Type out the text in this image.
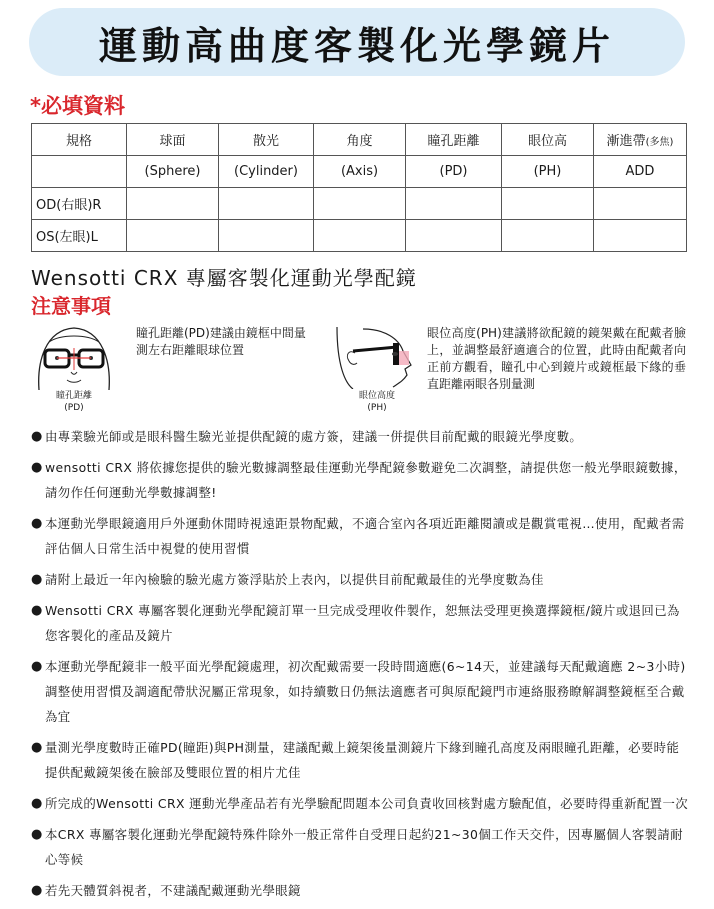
運動高曲度客製化光學鏡片
*必填資料
規格	球面	散光	角度	瞳孔距離	眼位高	漸進帶(多焦)
	(Sphere)	(Cylinder)	(Axis)	(PD)	(PH)	ADD
OD(右眼)R						
OS(左眼)L						
Wensotti CRX 專屬客製化運動光學配鏡
注意事項
瞳孔距離
(PD)
瞳孔距離(PD)建議由鏡框中間量測左右距離眼球位置
眼位高度
(PH)
眼位高度(PH)建議將欲配鏡的鏡架戴在配戴者臉上，並調整最舒適適合的位置，此時由配戴者向正前方觀看，瞳孔中心到鏡片或鏡框最下緣的垂直距離兩眼各別量測
● 由專業驗光師或是眼科醫生驗光並提供配鏡的處方簽，建議一併提供目前配戴的眼鏡光學度數。
● wensotti CRX 將依據您提供的驗光數據調整最佳運動光學配鏡參數避免二次調整，請提供您一般光學眼鏡數據，請勿作任何運動光學數據調整!
● 本運動光學眼鏡適用戶外運動休閒時視遠距景物配戴，不適合室內各項近距離閱讀或是觀賞電視…使用，配戴者需評估個人日常生活中視覺的使用習慣
● 請附上最近一年內檢驗的驗光處方簽浮貼於上表內，以提供目前配戴最佳的光學度數為佳
● Wensotti CRX 專屬客製化運動光學配鏡訂單一旦完成受理收件製作，恕無法受理更換選擇鏡框/鏡片或退回已為您客製化的產品及鏡片
● 本運動光學配鏡非一般平面光學配鏡處理，初次配戴需要一段時間適應(6~14天，並建議每天配戴適應 2~3小時)調整使用習慣及調適配帶狀況屬正常現象，如持續數日仍無法適應者可與原配鏡門市連絡服務瞭解調整鏡框至合戴為宜
● 量測光學度數時正確PD(瞳距)與PH測量，建議配戴上鏡架後量測鏡片下緣到瞳孔高度及兩眼瞳孔距離，必要時能提供配戴鏡架後在臉部及雙眼位置的相片尤佳
● 所完成的Wensotti CRX 運動光學產品若有光學驗配問題本公司負責收回核對處方驗配值，必要時得重新配置一次
● 本CRX 專屬客製化運動光學配鏡特殊件除外一般正常件自受理日起約21~30個工作天交件，因專屬個人客製請耐心等候
● 若先天體質斜視者，不建議配戴運動光學眼鏡
